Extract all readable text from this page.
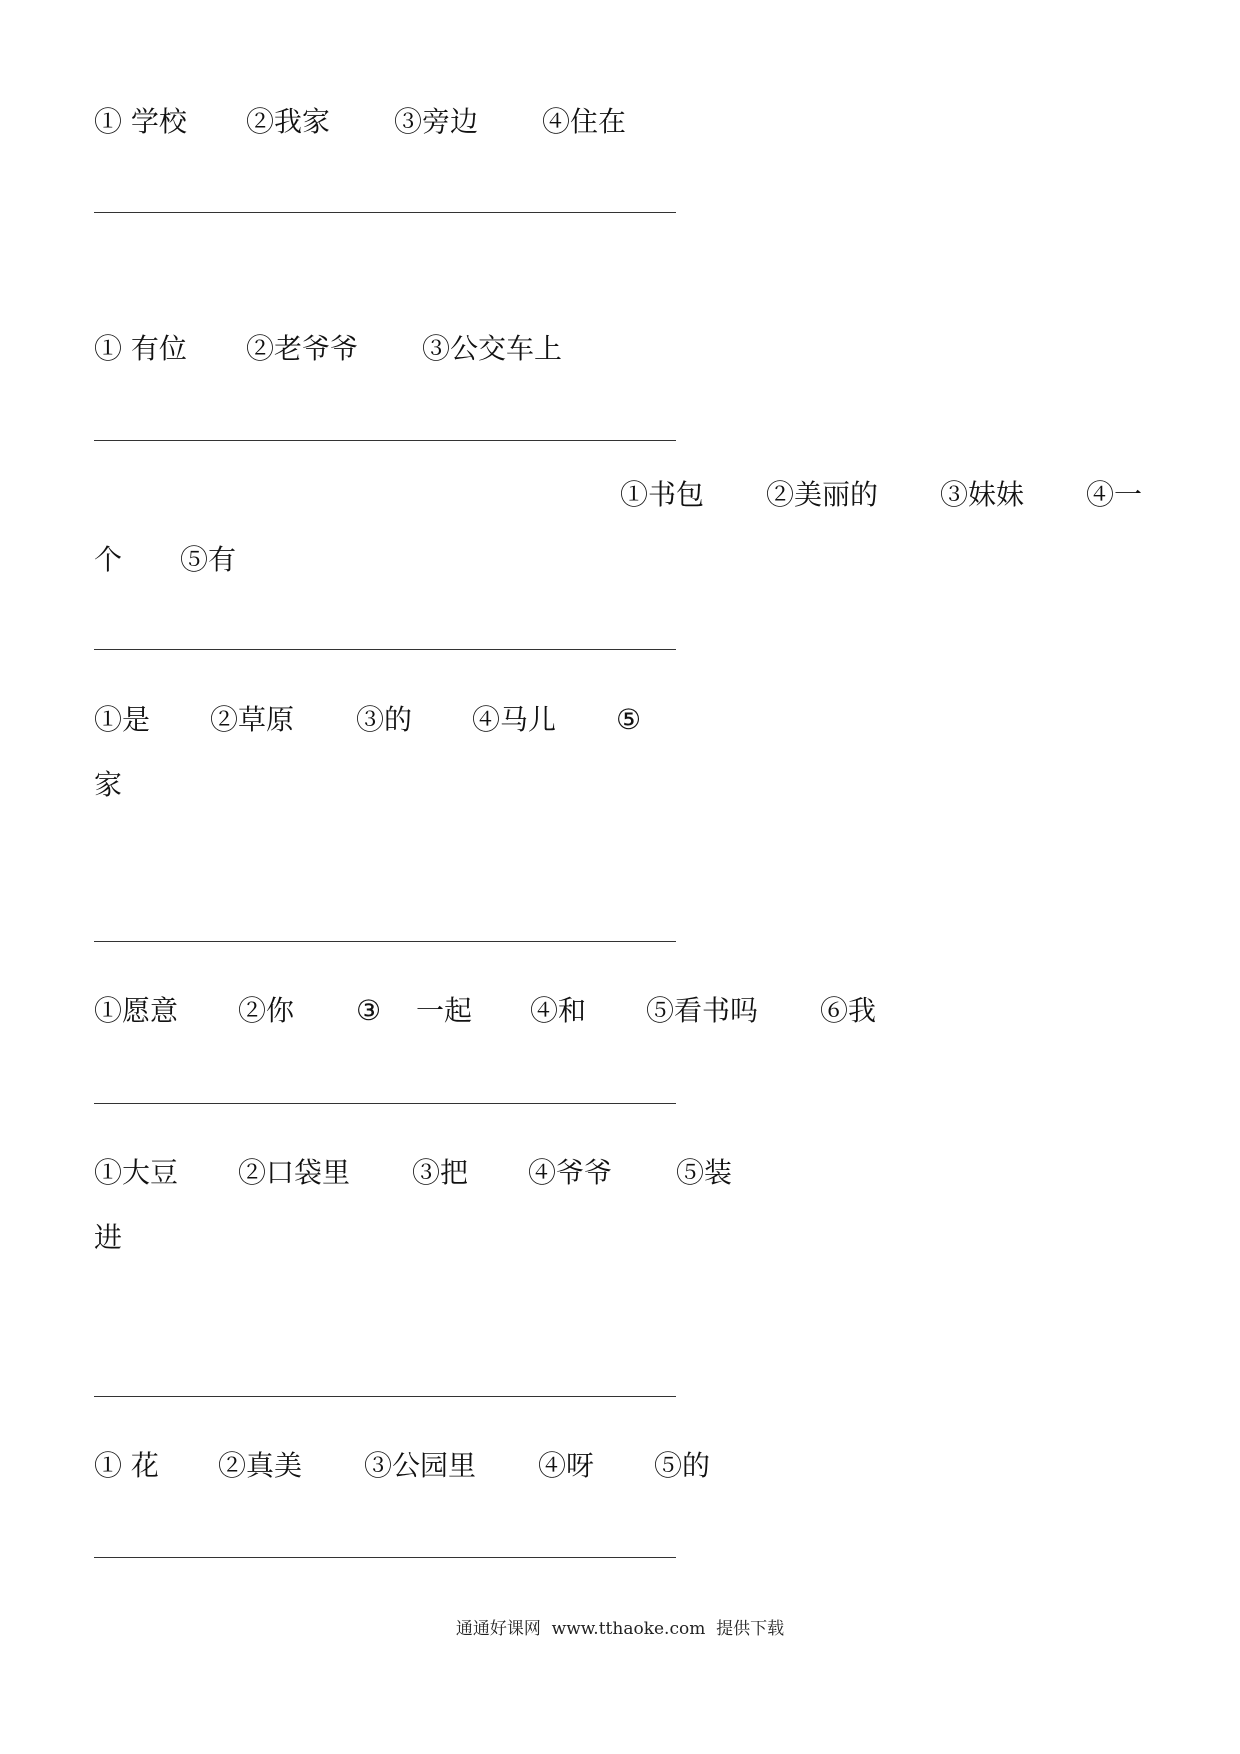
① 学校 ②我家 ③旁边 ④住在
① 有位 ②老爷爷 ③公交车上
①书包 ②美丽的 ③妹妹 ④一
个 ⑤有
①是 ②草原 ③的 ④马儿 ⑤
家
①愿意 ②你 ③ 一起 ④和 ⑤看书吗 ⑥我
①大豆 ②口袋里 ③把 ④爷爷 ⑤装
进
① 花 ②真美 ③公园里 ④呀 ⑤的
通通好课网  www.tthaoke.com  提供下载
